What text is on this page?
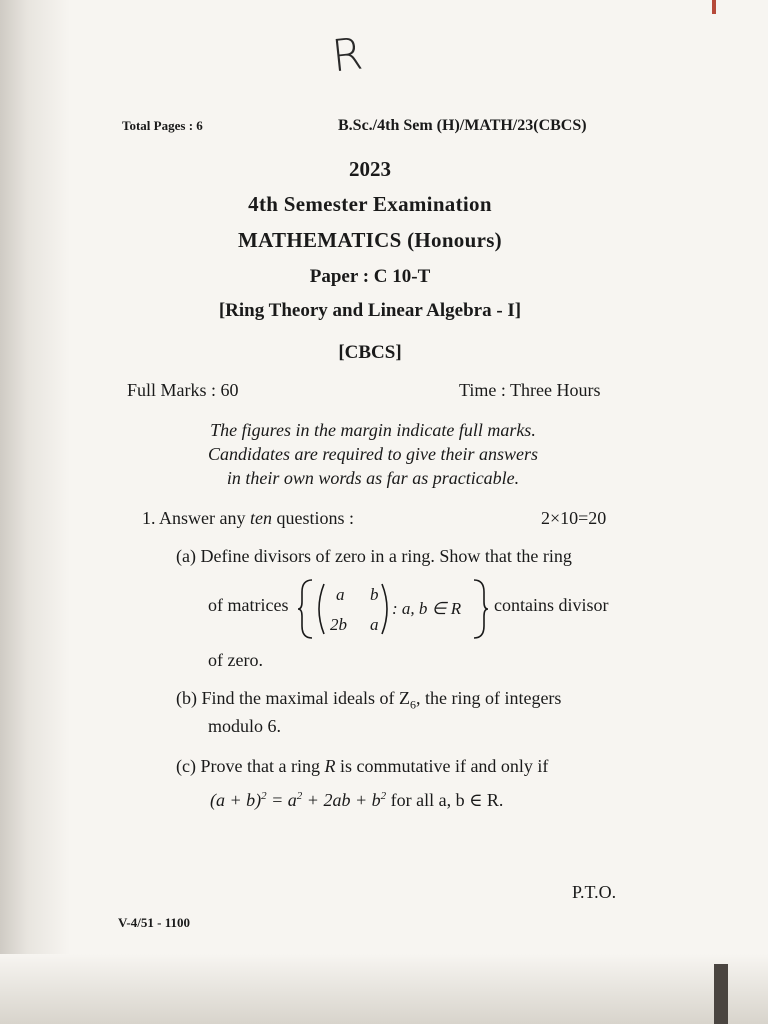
R
Total Pages : 6	B.Sc./4th Sem (H)/MATH/23(CBCS)
2023
4th Semester Examination
MATHEMATICS (Honours)
Paper : C 10-T
[Ring Theory and Linear Algebra - I]
[CBCS]
Full Marks : 60	Time : Three Hours
The figures in the margin indicate full marks.
Candidates are required to give their answers
in their own words as far as practicable.
1. Answer any ten questions :	2×10=20
(a) Define divisors of zero in a ring. Show that the ring
of matrices
a b
2b a
: a, b ∈ R contains divisor
of zero.
(b) Find the maximal ideals of $Z_6$, the ring of integers
modulo 6.
(c) Prove that a ring R is commutative if and only if
$(a + b)^2 = a^2 + 2ab + b^2$ for all a, b ∈ R.
P.T.O.
V-4/51 - 1100
